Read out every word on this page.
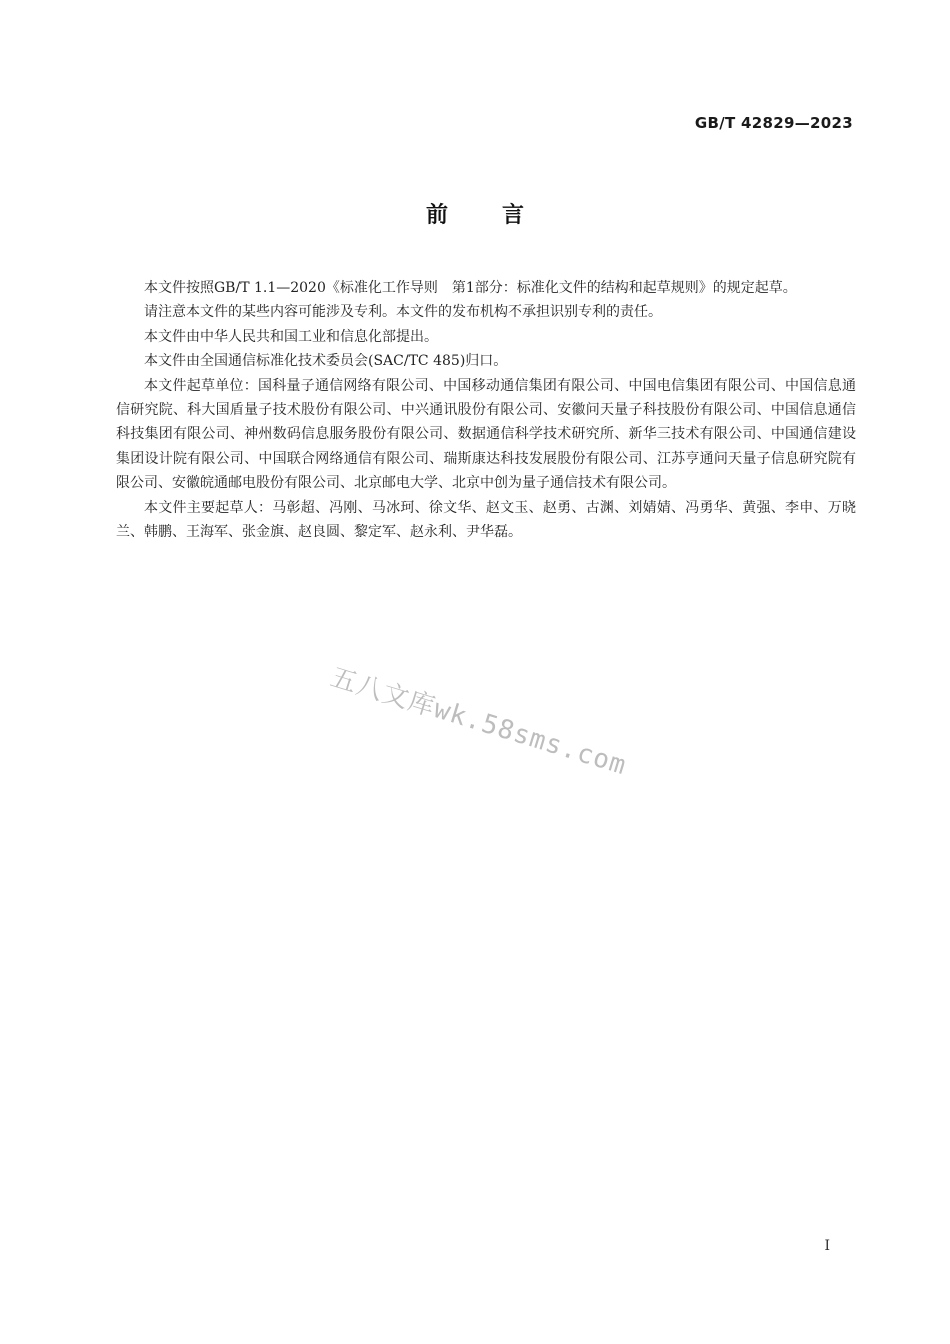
GB/T 42829—2023
前 言

本文件按照GB/T 1.1—2020《标准化工作导则　第1部分：标准化文件的结构和起草规则》的规定起草。

请注意本文件的某些内容可能涉及专利。本文件的发布机构不承担识别专利的责任。

本文件由中华人民共和国工业和信息化部提出。

本文件由全国通信标准化技术委员会(SAC/TC 485)归口。

本文件起草单位：国科量子通信网络有限公司、中国移动通信集团有限公司、中国电信集团有限公司、中国信息通信研究院、科大国盾量子技术股份有限公司、中兴通讯股份有限公司、安徽问天量子科技股份有限公司、中国信息通信科技集团有限公司、神州数码信息服务股份有限公司、数据通信科学技术研究所、新华三技术有限公司、中国通信建设集团设计院有限公司、中国联合网络通信有限公司、瑞斯康达科技发展股份有限公司、江苏亨通问天量子信息研究院有限公司、安徽皖通邮电股份有限公司、北京邮电大学、北京中创为量子通信技术有限公司。

本文件主要起草人：马彰超、冯刚、马冰珂、徐文华、赵文玉、赵勇、古渊、刘婧婧、冯勇华、黄强、李申、万晓兰、韩鹏、王海军、张金旗、赵良圆、黎定军、赵永利、尹华磊。

五八文库wk.58sms.com
I
